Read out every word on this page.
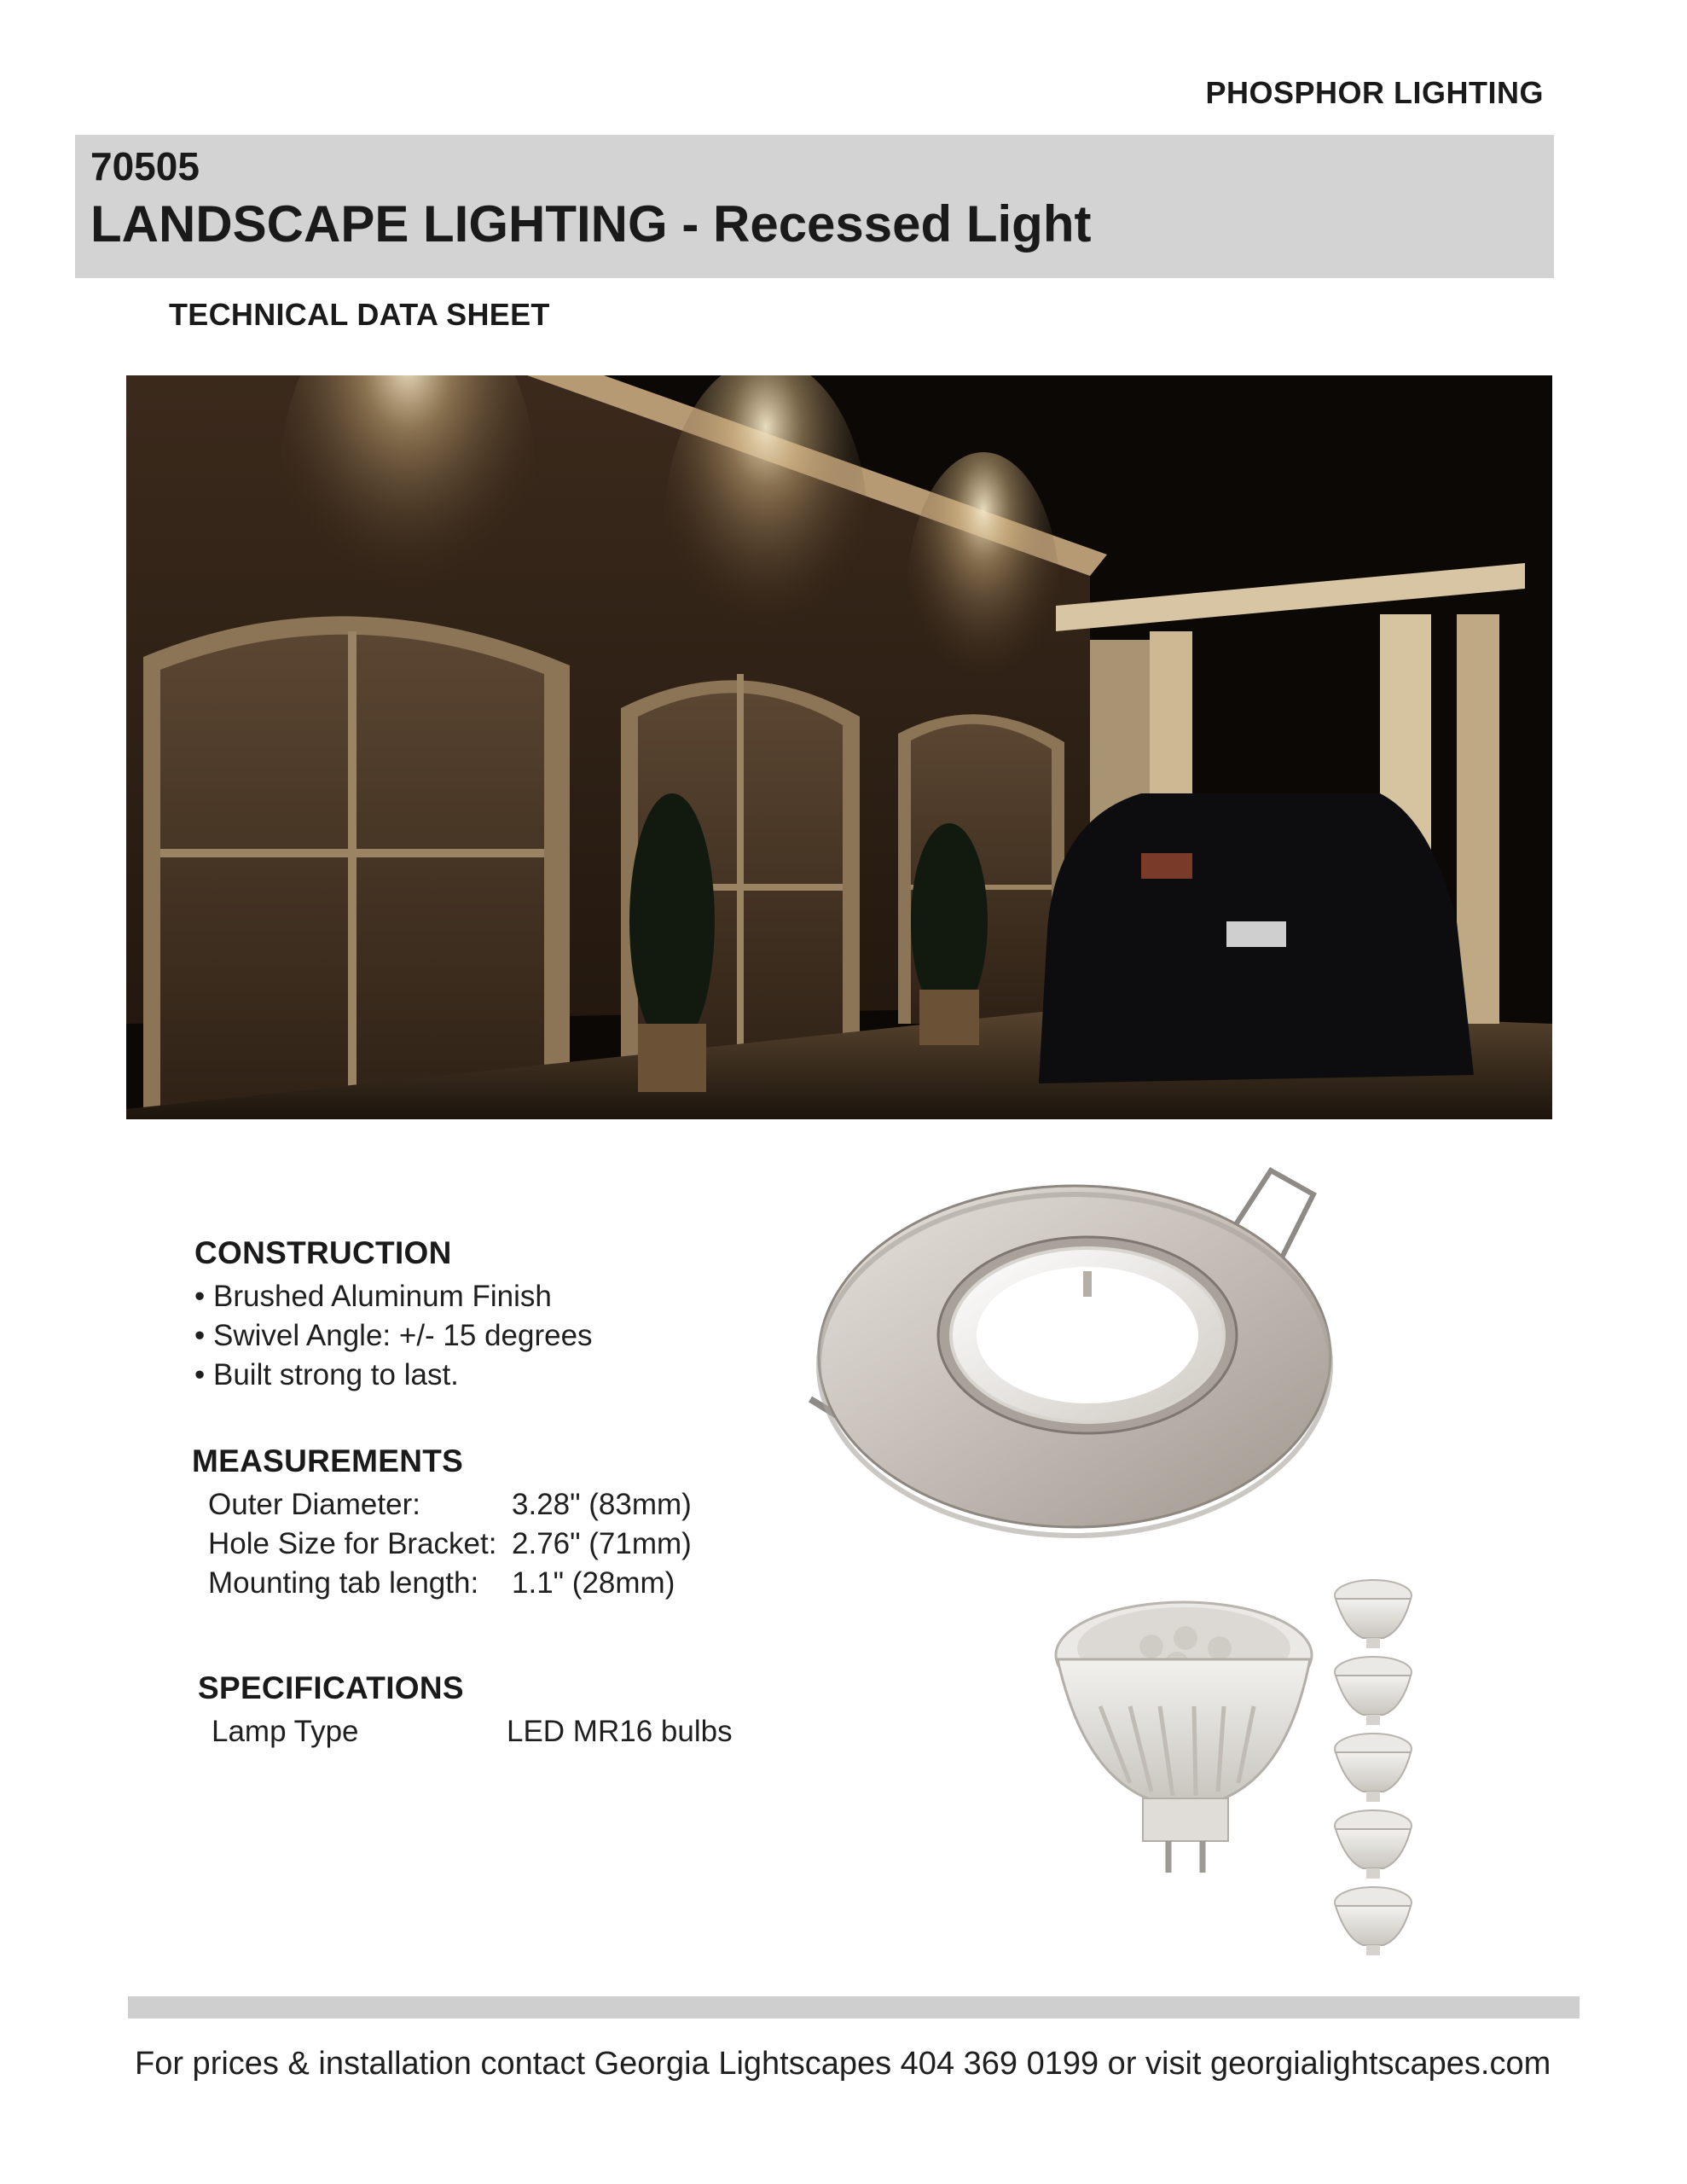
PHOSPHOR LIGHTING
70505
LANDSCAPE LIGHTING - Recessed Light
TECHNICAL DATA SHEET
CONSTRUCTION
• Brushed Aluminum Finish
• Swivel Angle: +/- 15 degrees
• Built strong to last.
MEASUREMENTS
Outer Diameter:	3.28" (83mm)
Hole Size for Bracket: 2.76" (71mm)
Mounting tab length: 1.1" (28mm)
SPECIFICATIONS
Lamp Type	LED MR16 bulbs
For prices & installation contact Georgia Lightscapes 404 369 0199 or visit georgialightscapes.com
